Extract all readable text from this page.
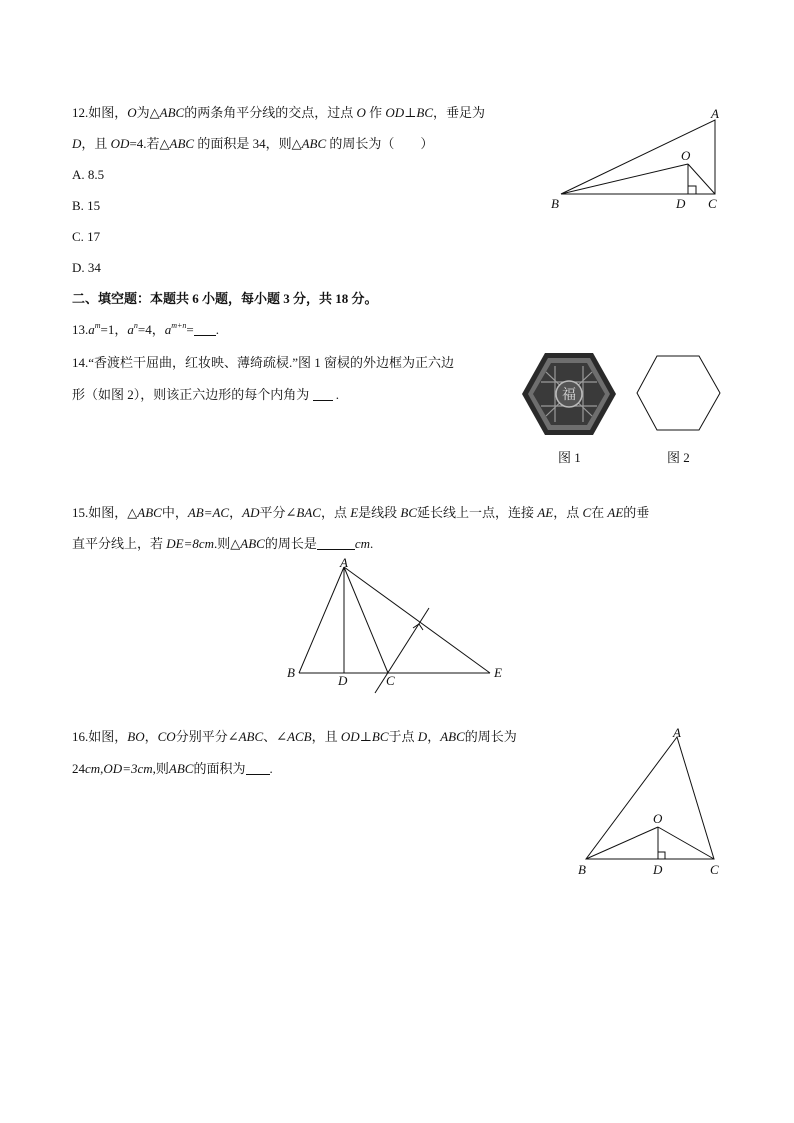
12.如图，O为△ABC的两条角平分线的交点，过点 O 作 OD⊥BC，垂足为
D，且 OD=4.若△ABC 的面积是 34，则△ABC 的周长为（　　）
A. 8.5
B. 15
C. 17
D. 34
A
O
B	D C
二、填空题：本题共 6 小题，每小题 3 分，共 18 分。
$13.a^m=1$，$a^n=4$，$a^{m+n}=$ .
14.“香渡栏干屈曲，红妆映、薄绮疏棂.”图 1 窗棂的外边框为正六边
形（如图 2），则该正六边形的每个内角为 .	福
图 1	图 2
15.如图，△ABC中，AB=AC，AD平分∠BAC，点 E是线段 BC延长线上一点，连接 AE，点 C在 AE的垂
直平分线上，若 DE=8cm.则△ABC的周长是	cm.
A
B
D	C
E
16.如图，BO，CO分别平分∠ABC、∠ACB，且 OD⊥BC于点 D，ABC的周长为
24cm,OD=3cm,则ABC的面积为 .
A
O
B	D	C
